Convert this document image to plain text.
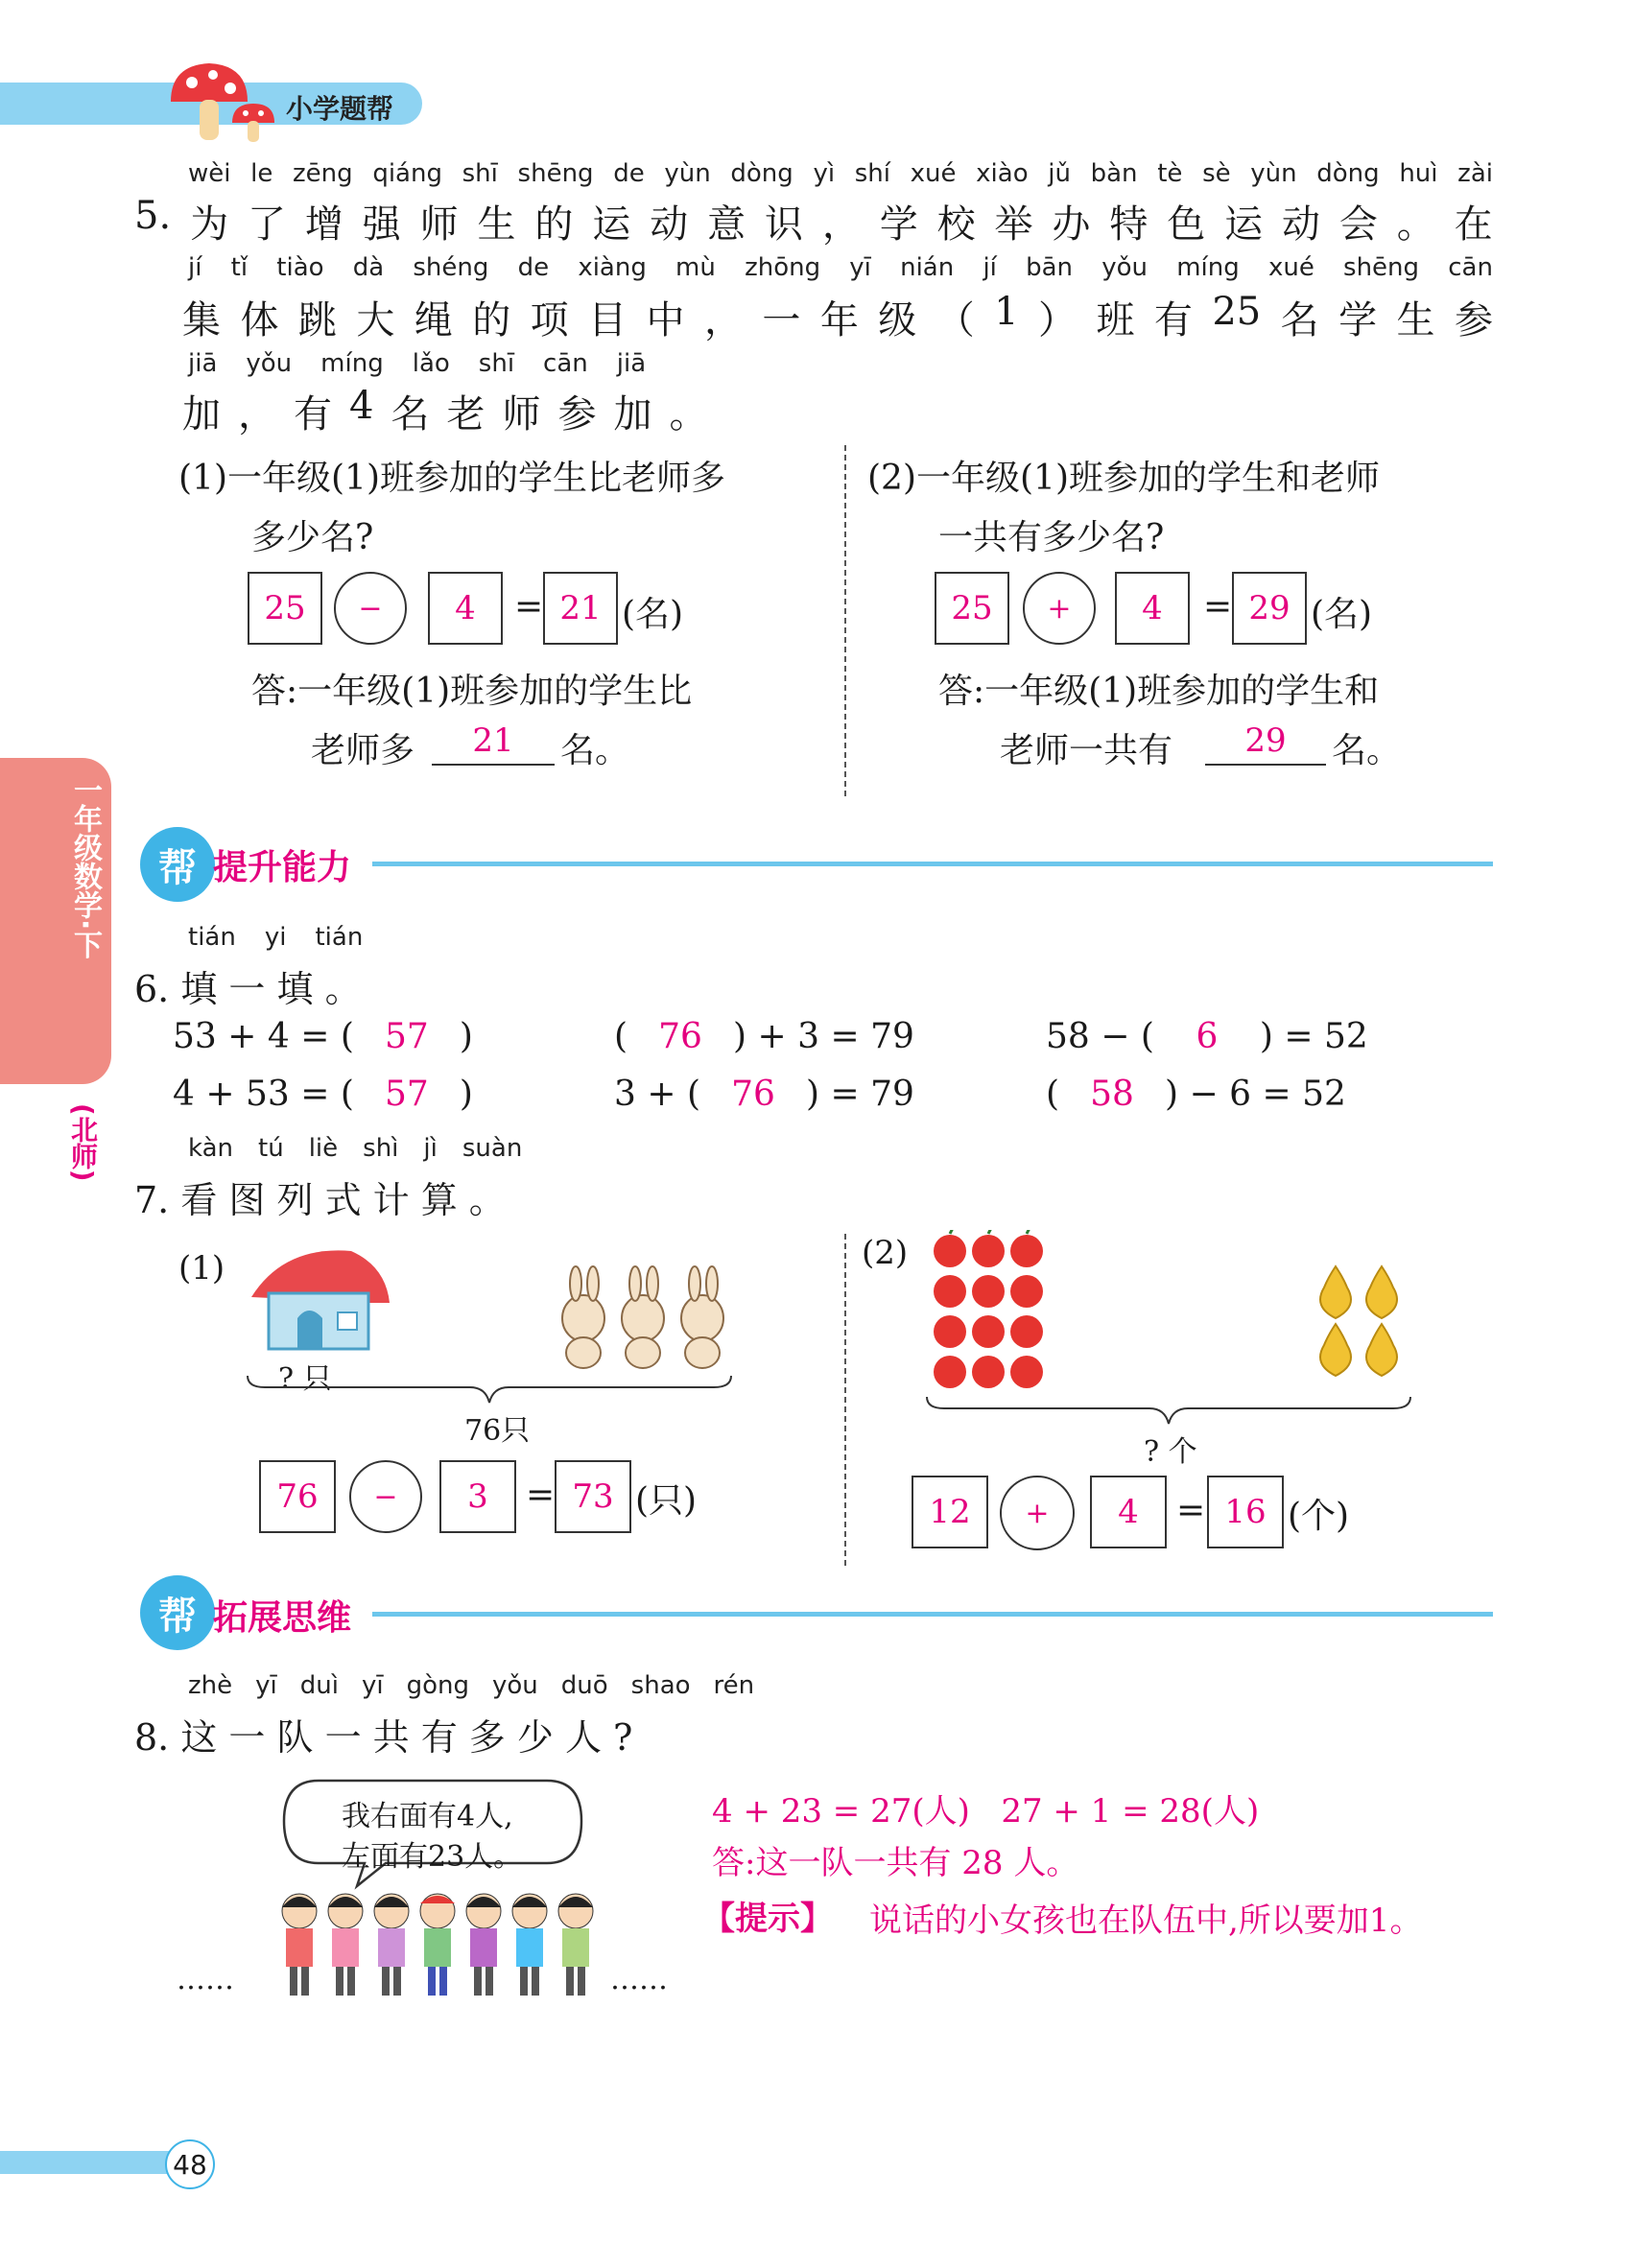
小学题帮
一年级数学·下
(北师)
wèi le zēng qiáng shī shēng de yùn dòng yì shí xué xiào jǔ bàn tè sè yùn dòng huì zài
5. 为 了 增 强 师 生 的 运 动 意 识 ， 学 校 举 办 特 色 运 动 会 。 在
jí tǐ tiào dà shéng de xiàng mù zhōng yī nián jí bān yǒu míng xué shēng cān
集 体 跳 大 绳 的 项 目 中 ， 一 年 级 （ 1 ） 班 有 25 名 学 生 参
jiā yǒu míng lǎo shī cān jiā
加 ， 有 4 名 老 师 参 加 。
(1)一年级(1)班参加的学生比老师多
多少名?
25	−	4	= 21 (名)
答:一年级(1)班参加的学生比
老师多	21	名。
(2)一年级(1)班参加的学生和老师
一共有多少名?
25	+	4	= 29 (名)
答:一年级(1)班参加的学生和
老师一共有	29	名。
帮 提升能力
tián yi tián
6. 填 一 填 。
53 + 4 = ( 57 )	( 76 ) + 3 = 79	58 − ( 6 ) = 52
4 + 53 = ( 57 )	3 + ( 76 ) = 79	( 58 ) − 6 = 52
kàn tú liè shì jì suàn
7. 看 图 列 式 计 算 。
(1)
? 只
76只
76	−	3	= 73 (只)
(2)
? 个
12	+	4	= 16 (个)
帮 拓展思维
zhè yī duì yī gòng yǒu duō shao rén
8. 这 一 队 一 共 有 多 少 人 ?
我右面有4人,
左面有23人。
……	……
4 + 23 = 27(人)   27 + 1 = 28(人)
答:这一队一共有 28 人。
【提示】 说话的小女孩也在队伍中,所以要加1。
48
